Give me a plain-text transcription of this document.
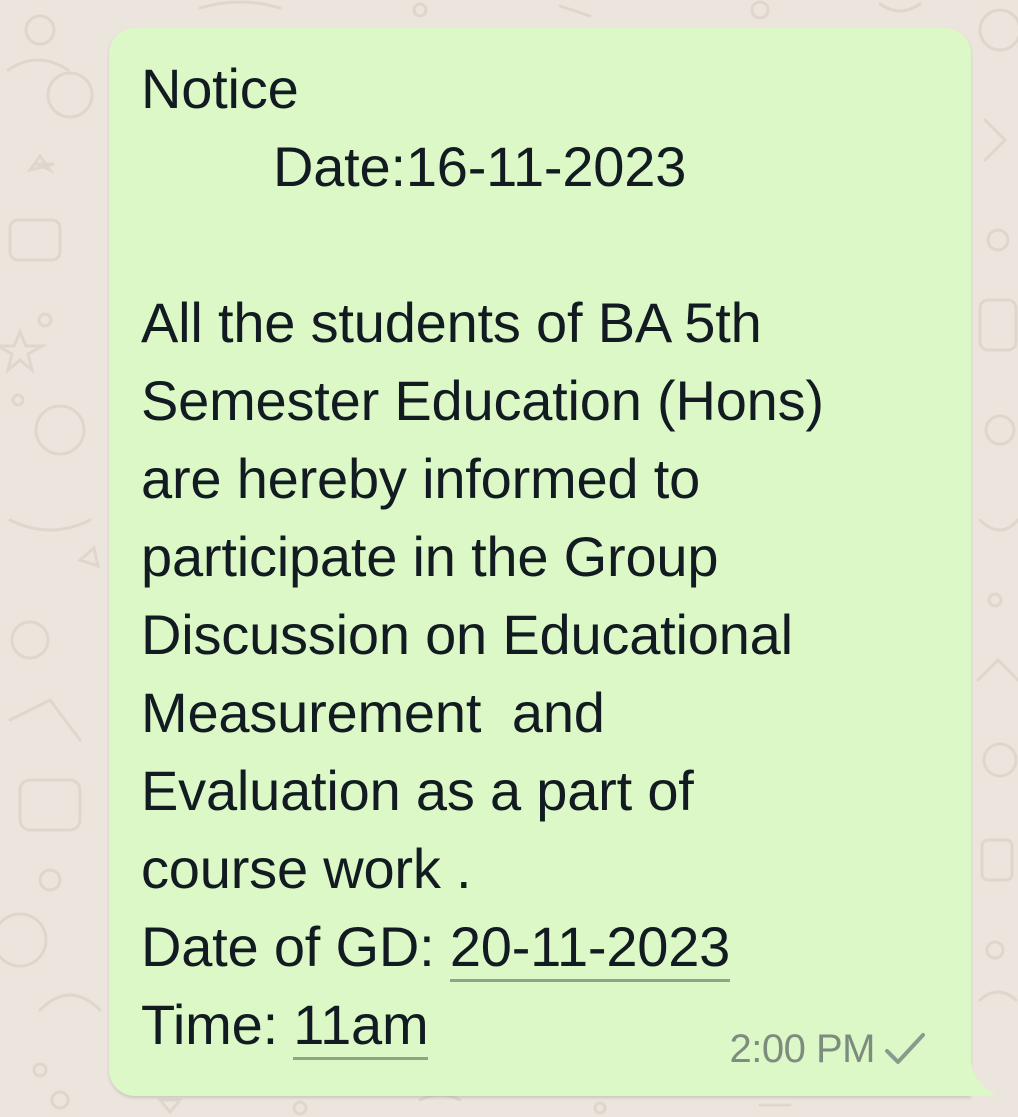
Notice
Date:16-11-2023
All the students of BA 5th
Semester Education (Hons)
are hereby informed to
participate in the Group
Discussion on Educational
Measurement  and
Evaluation as a part of
course work .
Date of GD: 20-11-2023
Time: 11am	2:00 PM
